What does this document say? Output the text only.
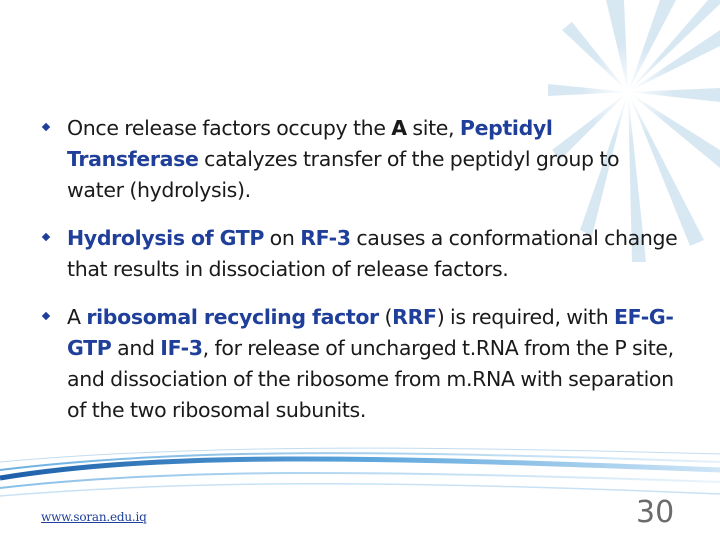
Once release factors occupy the A site, Peptidyl Transferase catalyzes transfer of the peptidyl group to water (hydrolysis).
Hydrolysis of GTP on RF-3 causes a conformational change that results in dissociation of release factors.
A ribosomal recycling factor (RRF) is required, with EF-G-GTP and IF-3, for release of uncharged t.RNA from the P site, and dissociation of the ribosome from m.RNA with separation of the two ribosomal subunits.
www.soran.edu.iq	30
